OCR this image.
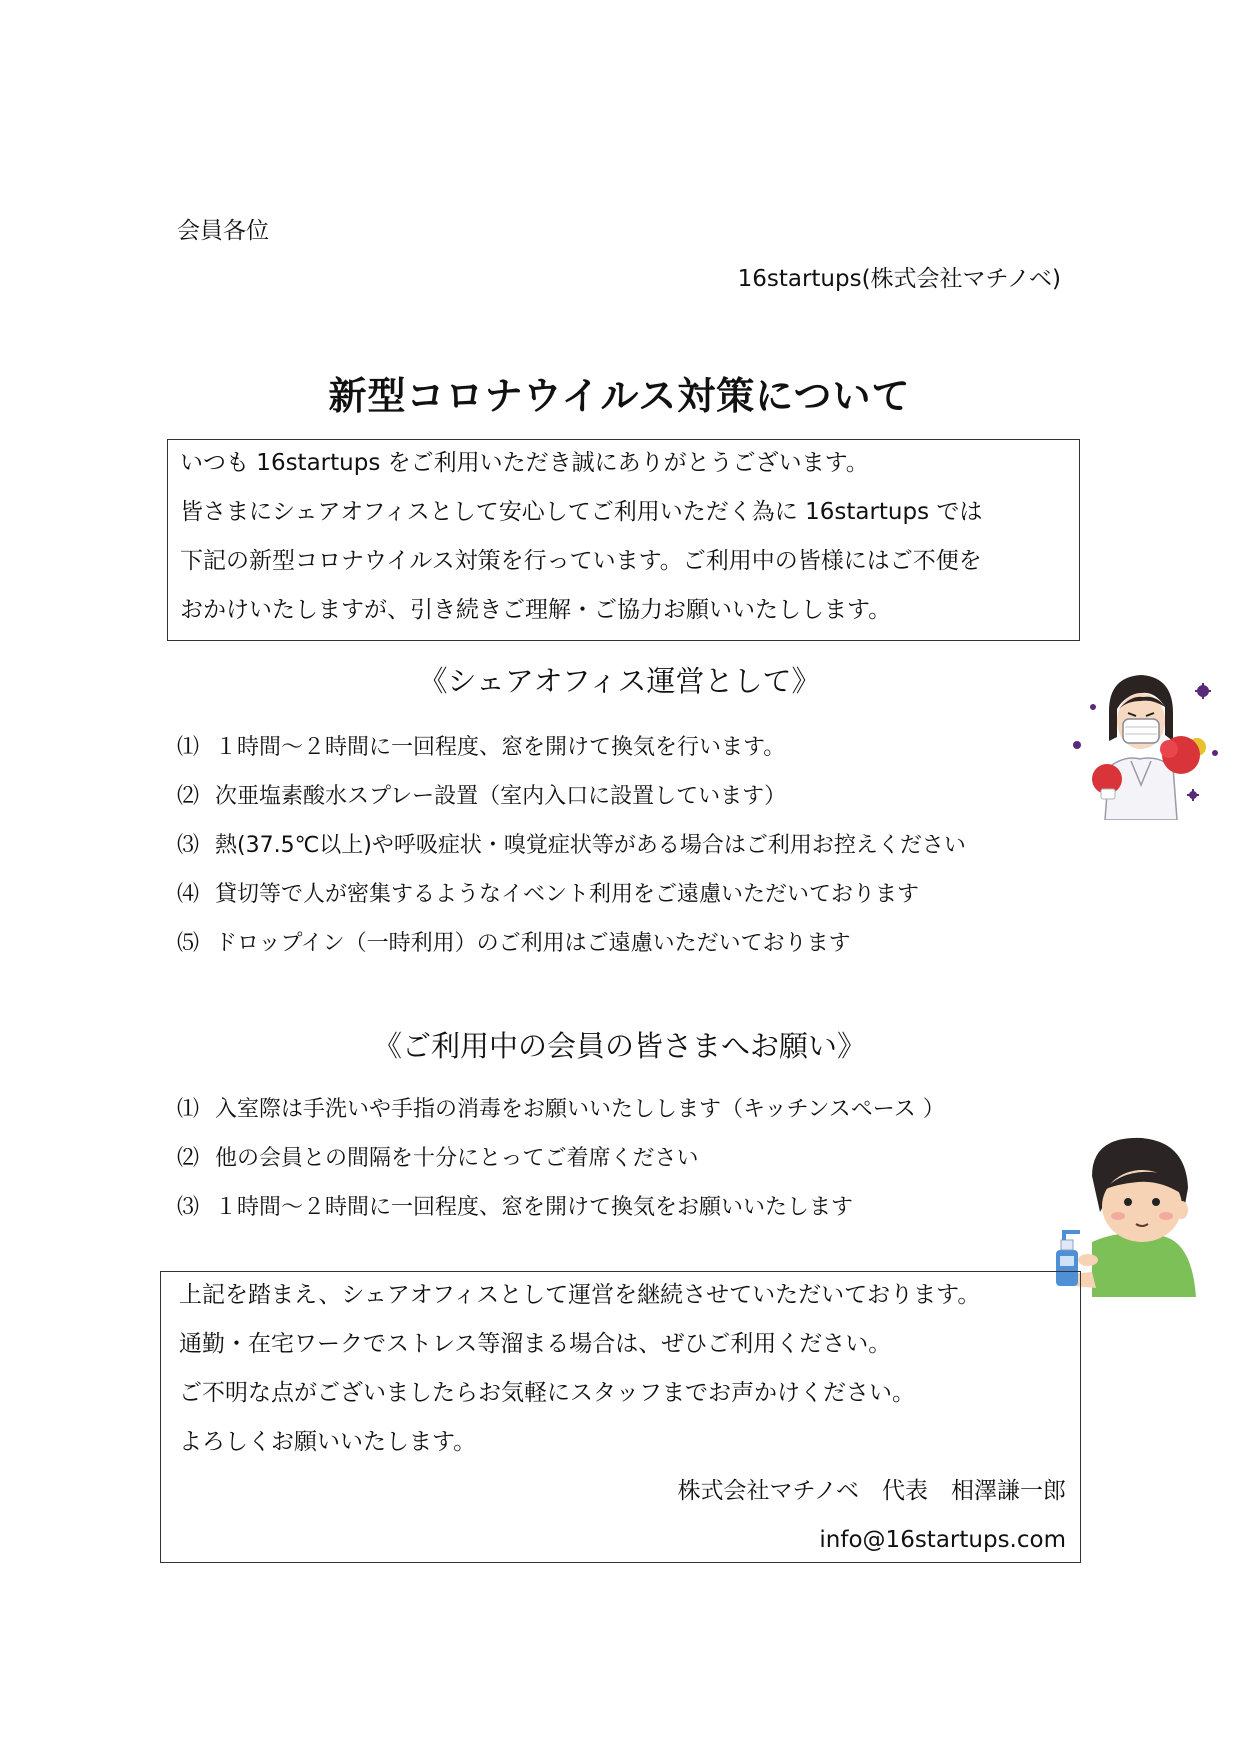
会員各位
16startups(株式会社マチノベ)
新型コロナウイルス対策について
いつも 16startups をご利用いただき誠にありがとうございます。
皆さまにシェアオフィスとして安心してご利用いただく為に 16startups では
下記の新型コロナウイルス対策を行っています。ご利用中の皆様にはご不便を
おかけいたしますが、引き続きご理解・ご協力お願いいたしします。
《シェアオフィス運営として》
⑴ １時間～２時間に一回程度、窓を開けて換気を行います。
⑵ 次亜塩素酸水スプレー設置（室内入口に設置しています）
⑶ 熱(37.5℃以上)や呼吸症状・嗅覚症状等がある場合はご利用お控えください
⑷ 貸切等で人が密集するようなイベント利用をご遠慮いただいております
⑸ ドロップイン（一時利用）のご利用はご遠慮いただいております
《ご利用中の会員の皆さまへお願い》
⑴ 入室際は手洗いや手指の消毒をお願いいたしします（キッチンスペース ）
⑵ 他の会員との間隔を十分にとってご着席ください
⑶ １時間～２時間に一回程度、窓を開けて換気をお願いいたします
上記を踏まえ、シェアオフィスとして運営を継続させていただいております。
通勤・在宅ワークでストレス等溜まる場合は、ぜひご利用ください。
ご不明な点がございましたらお気軽にスタッフまでお声かけください。
よろしくお願いいたします。
株式会社マチノベ　代表　相澤謙一郎
info@16startups.com
